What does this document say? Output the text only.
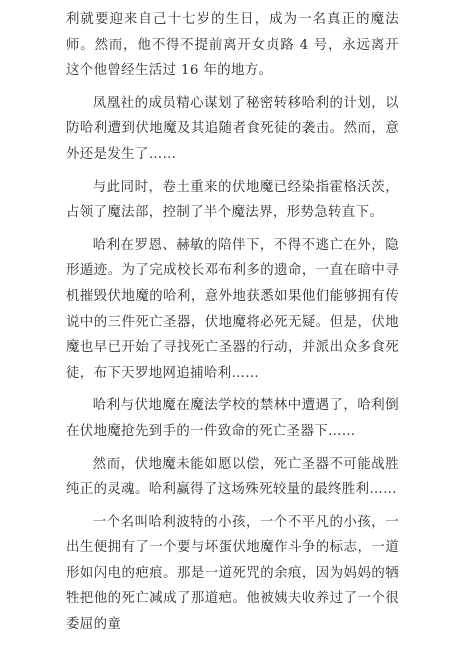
利就要迎来自己十七岁的生日，成为一名真正的魔法师。然而，他不得不提前离开女贞路 4 号，永远离开这个他曾经生活过 16 年的地方。

凤凰社的成员精心谋划了秘密转移哈利的计划，以防哈利遭到伏地魔及其追随者食死徒的袭击。然而，意外还是发生了……

与此同时，卷土重来的伏地魔已经染指霍格沃茨，占领了魔法部，控制了半个魔法界，形势急转直下。

哈利在罗恩、赫敏的陪伴下，不得不逃亡在外，隐形遁迹。为了完成校长邓布利多的遗命，一直在暗中寻机摧毁伏地魔的哈利，意外地获悉如果他们能够拥有传说中的三件死亡圣器，伏地魔将必死无疑。但是，伏地魔也早已开始了寻找死亡圣器的行动，并派出众多食死徒，布下天罗地网追捕哈利……

哈利与伏地魔在魔法学校的禁林中遭遇了，哈利倒在伏地魔抢先到手的一件致命的死亡圣器下……

然而，伏地魔未能如愿以偿，死亡圣器不可能战胜纯正的灵魂。哈利赢得了这场殊死较量的最终胜利……

一个名叫哈利波特的小孩，一个不平凡的小孩，一出生便拥有了一个要与坏蛋伏地魔作斗争的标志，一道形如闪电的疤痕。那是一道死咒的余痕，因为妈妈的牺牲把他的死亡减成了那道疤。他被姨夫收养过了一个很委屈的童
